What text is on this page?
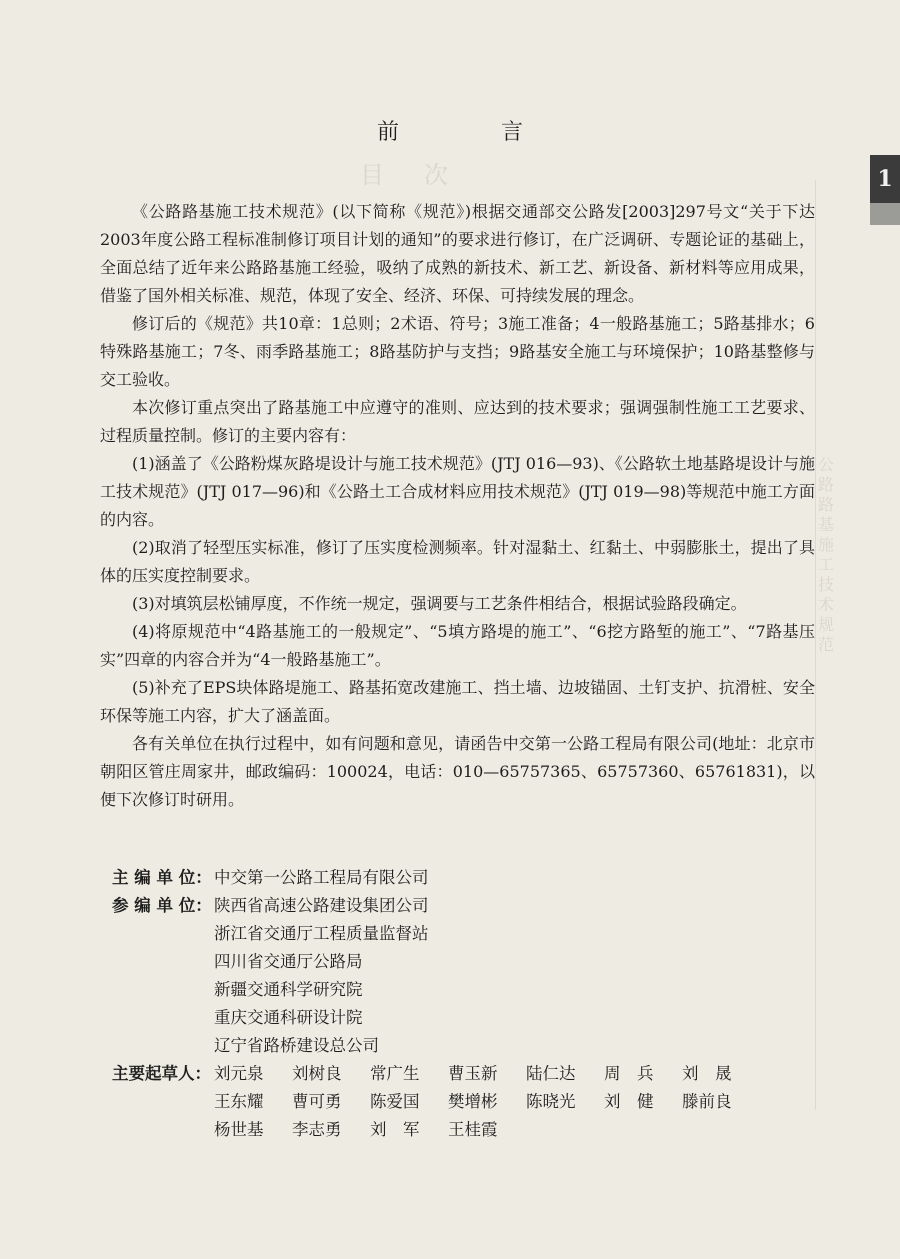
目次
公路路基施工技术规范
1
前　言

《公路路基施工技术规范》(以下简称《规范》)根据交通部交公路发[2003]297号文“关于下达2003年度公路工程标准制修订项目计划的通知”的要求进行修订，在广泛调研、专题论证的基础上，全面总结了近年来公路路基施工经验，吸纳了成熟的新技术、新工艺、新设备、新材料等应用成果，借鉴了国外相关标准、规范，体现了安全、经济、环保、可持续发展的理念。

修订后的《规范》共10章：1总则；2术语、符号；3施工准备；4一般路基施工；5路基排水；6特殊路基施工；7冬、雨季路基施工；8路基防护与支挡；9路基安全施工与环境保护；10路基整修与交工验收。

本次修订重点突出了路基施工中应遵守的准则、应达到的技术要求；强调强制性施工工艺要求、过程质量控制。修订的主要内容有：

(1)涵盖了《公路粉煤灰路堤设计与施工技术规范》(JTJ 016—93)、《公路软土地基路堤设计与施工技术规范》(JTJ 017—96)和《公路土工合成材料应用技术规范》(JTJ 019—98)等规范中施工方面的内容。

(2)取消了轻型压实标准，修订了压实度检测频率。针对湿黏土、红黏土、中弱膨胀土，提出了具体的压实度控制要求。

(3)对填筑层松铺厚度，不作统一规定，强调要与工艺条件相结合，根据试验路段确定。

(4)将原规范中“4路基施工的一般规定”、“5填方路堤的施工”、“6挖方路堑的施工”、“7路基压实”四章的内容合并为“4一般路基施工”。

(5)补充了EPS块体路堤施工、路基拓宽改建施工、挡土墙、边坡锚固、土钉支护、抗滑桩、安全环保等施工内容，扩大了涵盖面。

各有关单位在执行过程中，如有问题和意见，请函告中交第一公路工程局有限公司(地址：北京市朝阳区管庄周家井，邮政编码：100024，电话：010—65757365、65757360、65761831)，以便下次修订时研用。

主 编 单 位： 中交第一公路工程局有限公司
参 编 单 位： 陕西省高速公路建设集团公司
浙江省交通厅工程质量监督站
四川省交通厅公路局
新疆交通科学研究院
重庆交通科研设计院
辽宁省路桥建设总公司
主要起草人： 刘元泉	刘树良	常广生	曹玉新	陆仁达	周　兵	刘　晟
王东耀	曹可勇	陈爱国	樊增彬	陈晓光	刘　健	滕前良
杨世基	李志勇	刘　军	王桂霞
